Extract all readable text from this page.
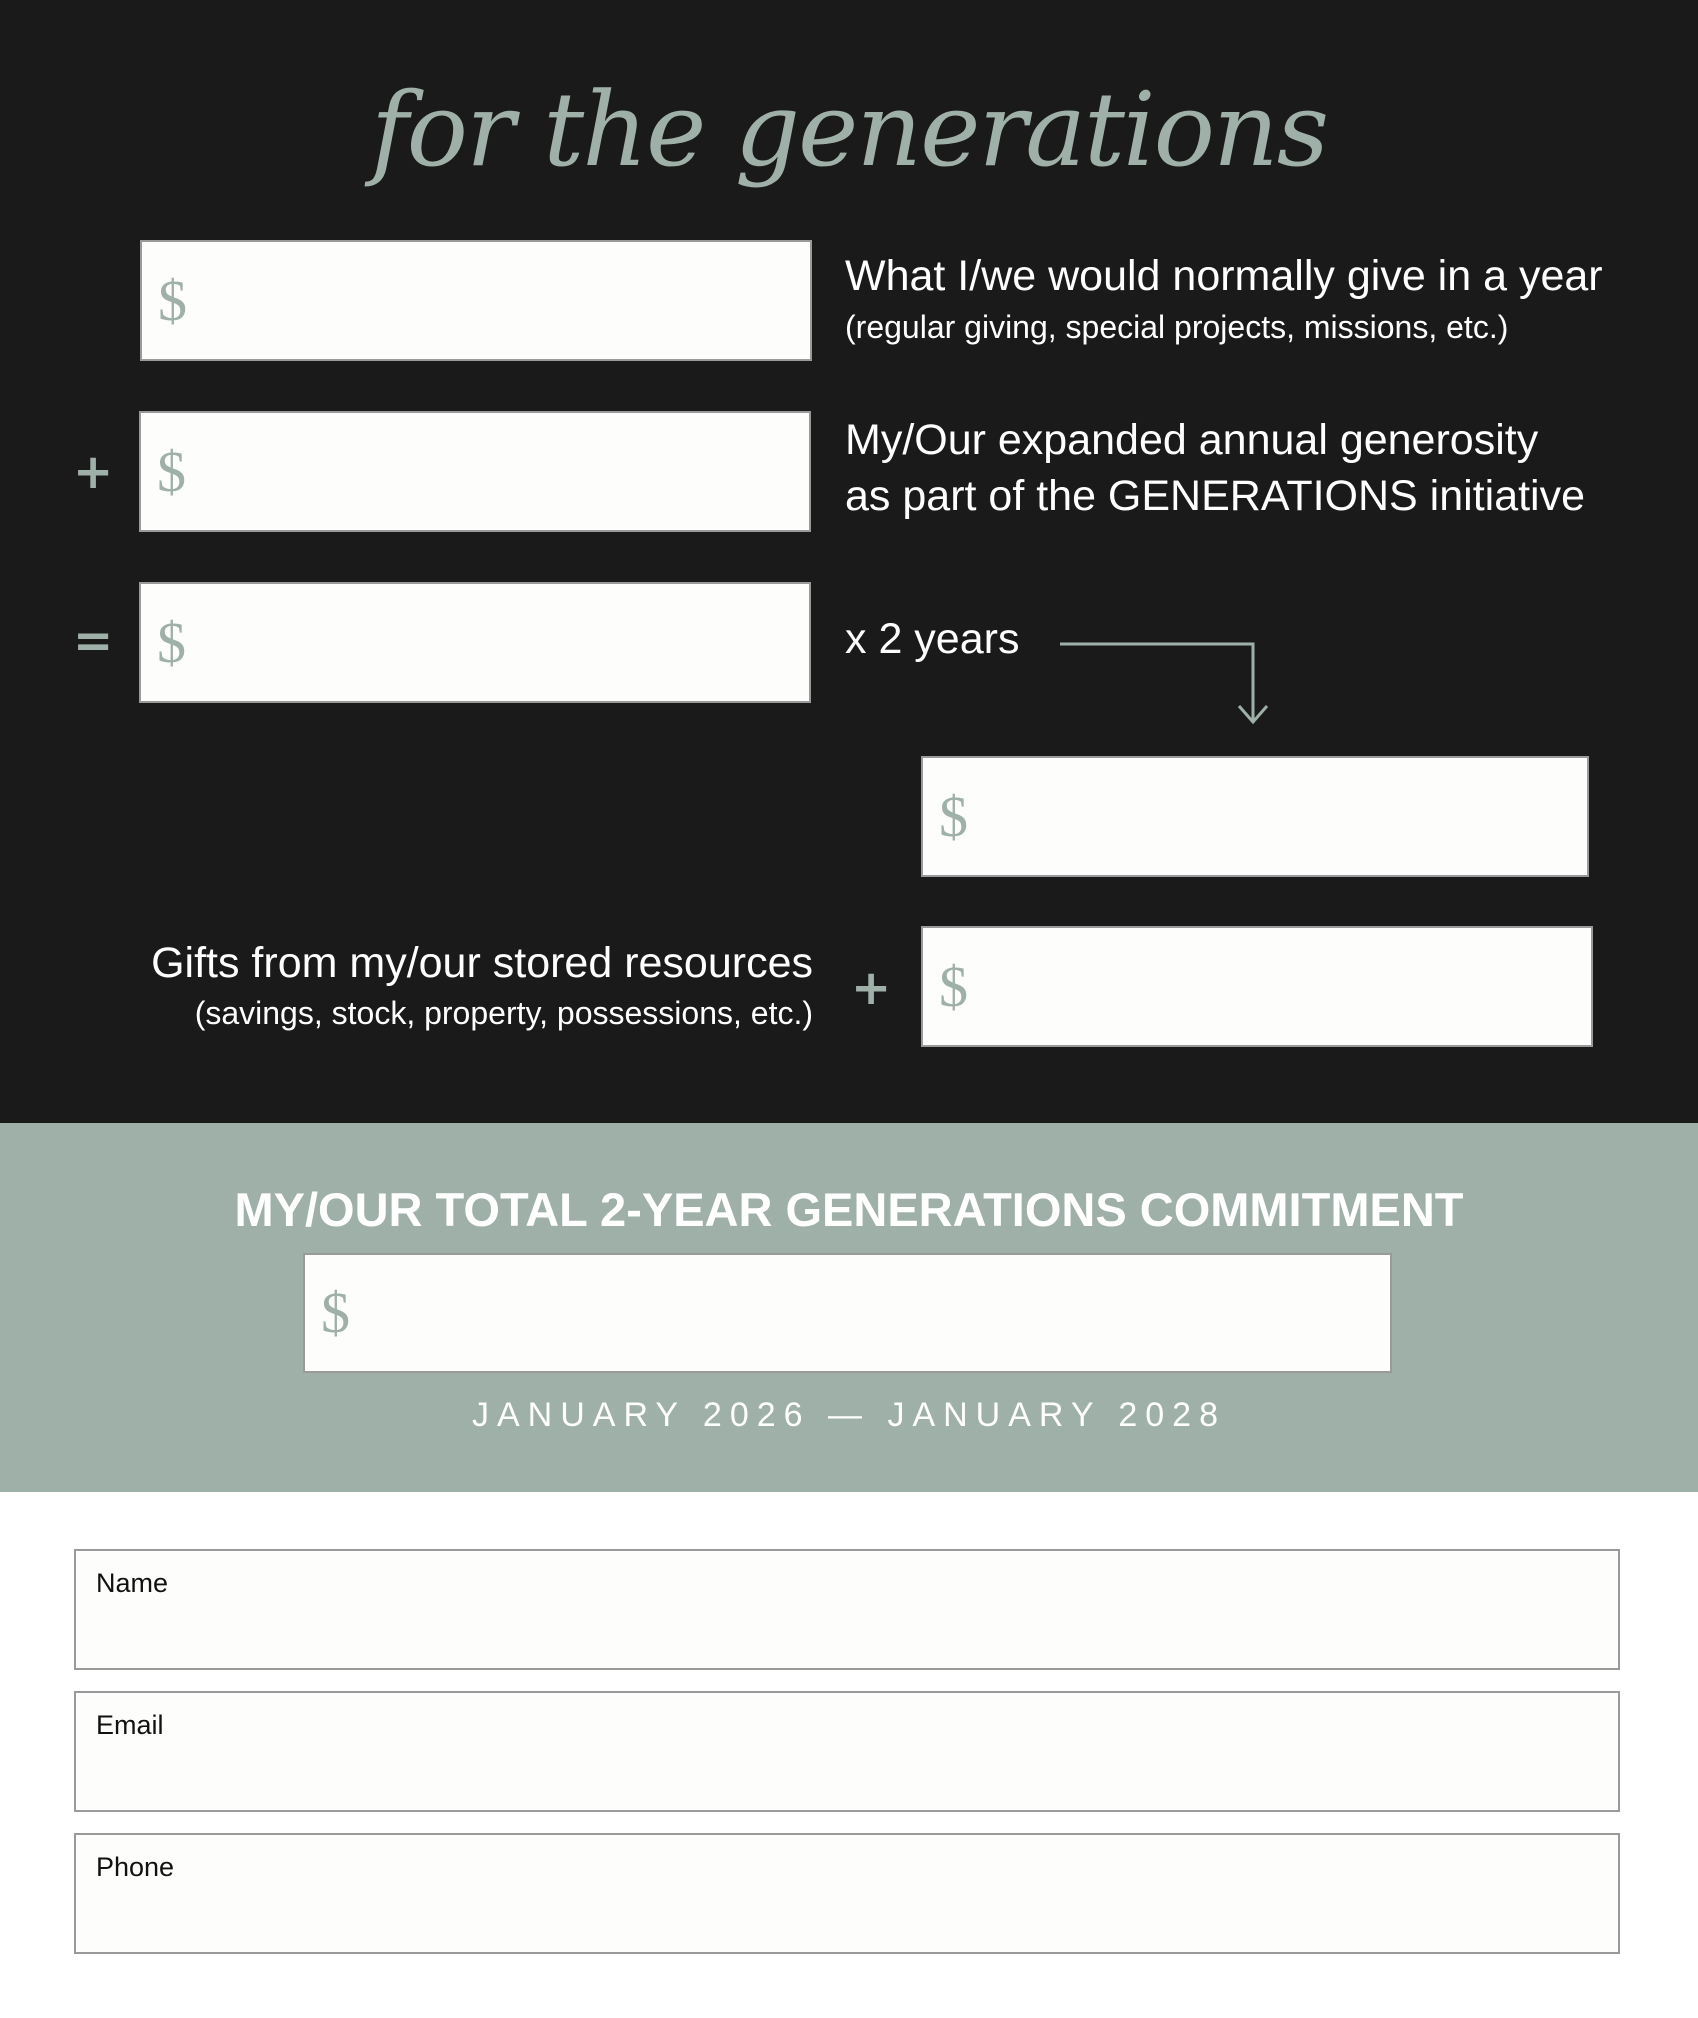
for the generations
$	What I/we would normally give in a year
(regular giving, special projects, missions, etc.)
+ $	My/Our expanded annual generosity
as part of the GENERATIONS initiative
= $	x 2 years
$
Gifts from my/our stored resources
(savings, stock, property, possessions, etc.) + $
MY/OUR TOTAL 2-YEAR GENERATIONS COMMITMENT
$
JANUARY 2026 — JANUARY 2028
Name
Email
Phone
